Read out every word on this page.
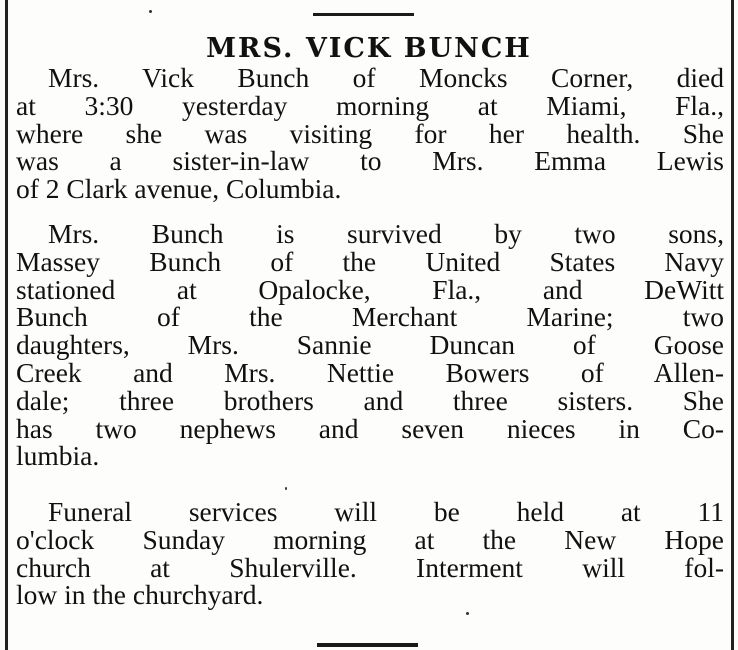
MRS. VICK BUNCH
Mrs. Vick Bunch of Moncks Corner, died
at 3:30 yesterday morning at Miami, Fla.,
where she was visiting for her health. She
was a sister-in-law to Mrs. Emma Lewis
of 2 Clark avenue, Columbia.
Mrs. Bunch is survived by two sons,
Massey Bunch of the United States Navy
stationed at Opalocke, Fla., and DeWitt
Bunch of the Merchant Marine; two
daughters, Mrs. Sannie Duncan of Goose
Creek and Mrs. Nettie Bowers of Allen-
dale; three brothers and three sisters. She
has two nephews and seven nieces in Co-
lumbia.
Funeral services will be held at 11
o'clock Sunday morning at the New Hope
church at Shulerville. Interment will fol-
low in the churchyard.
